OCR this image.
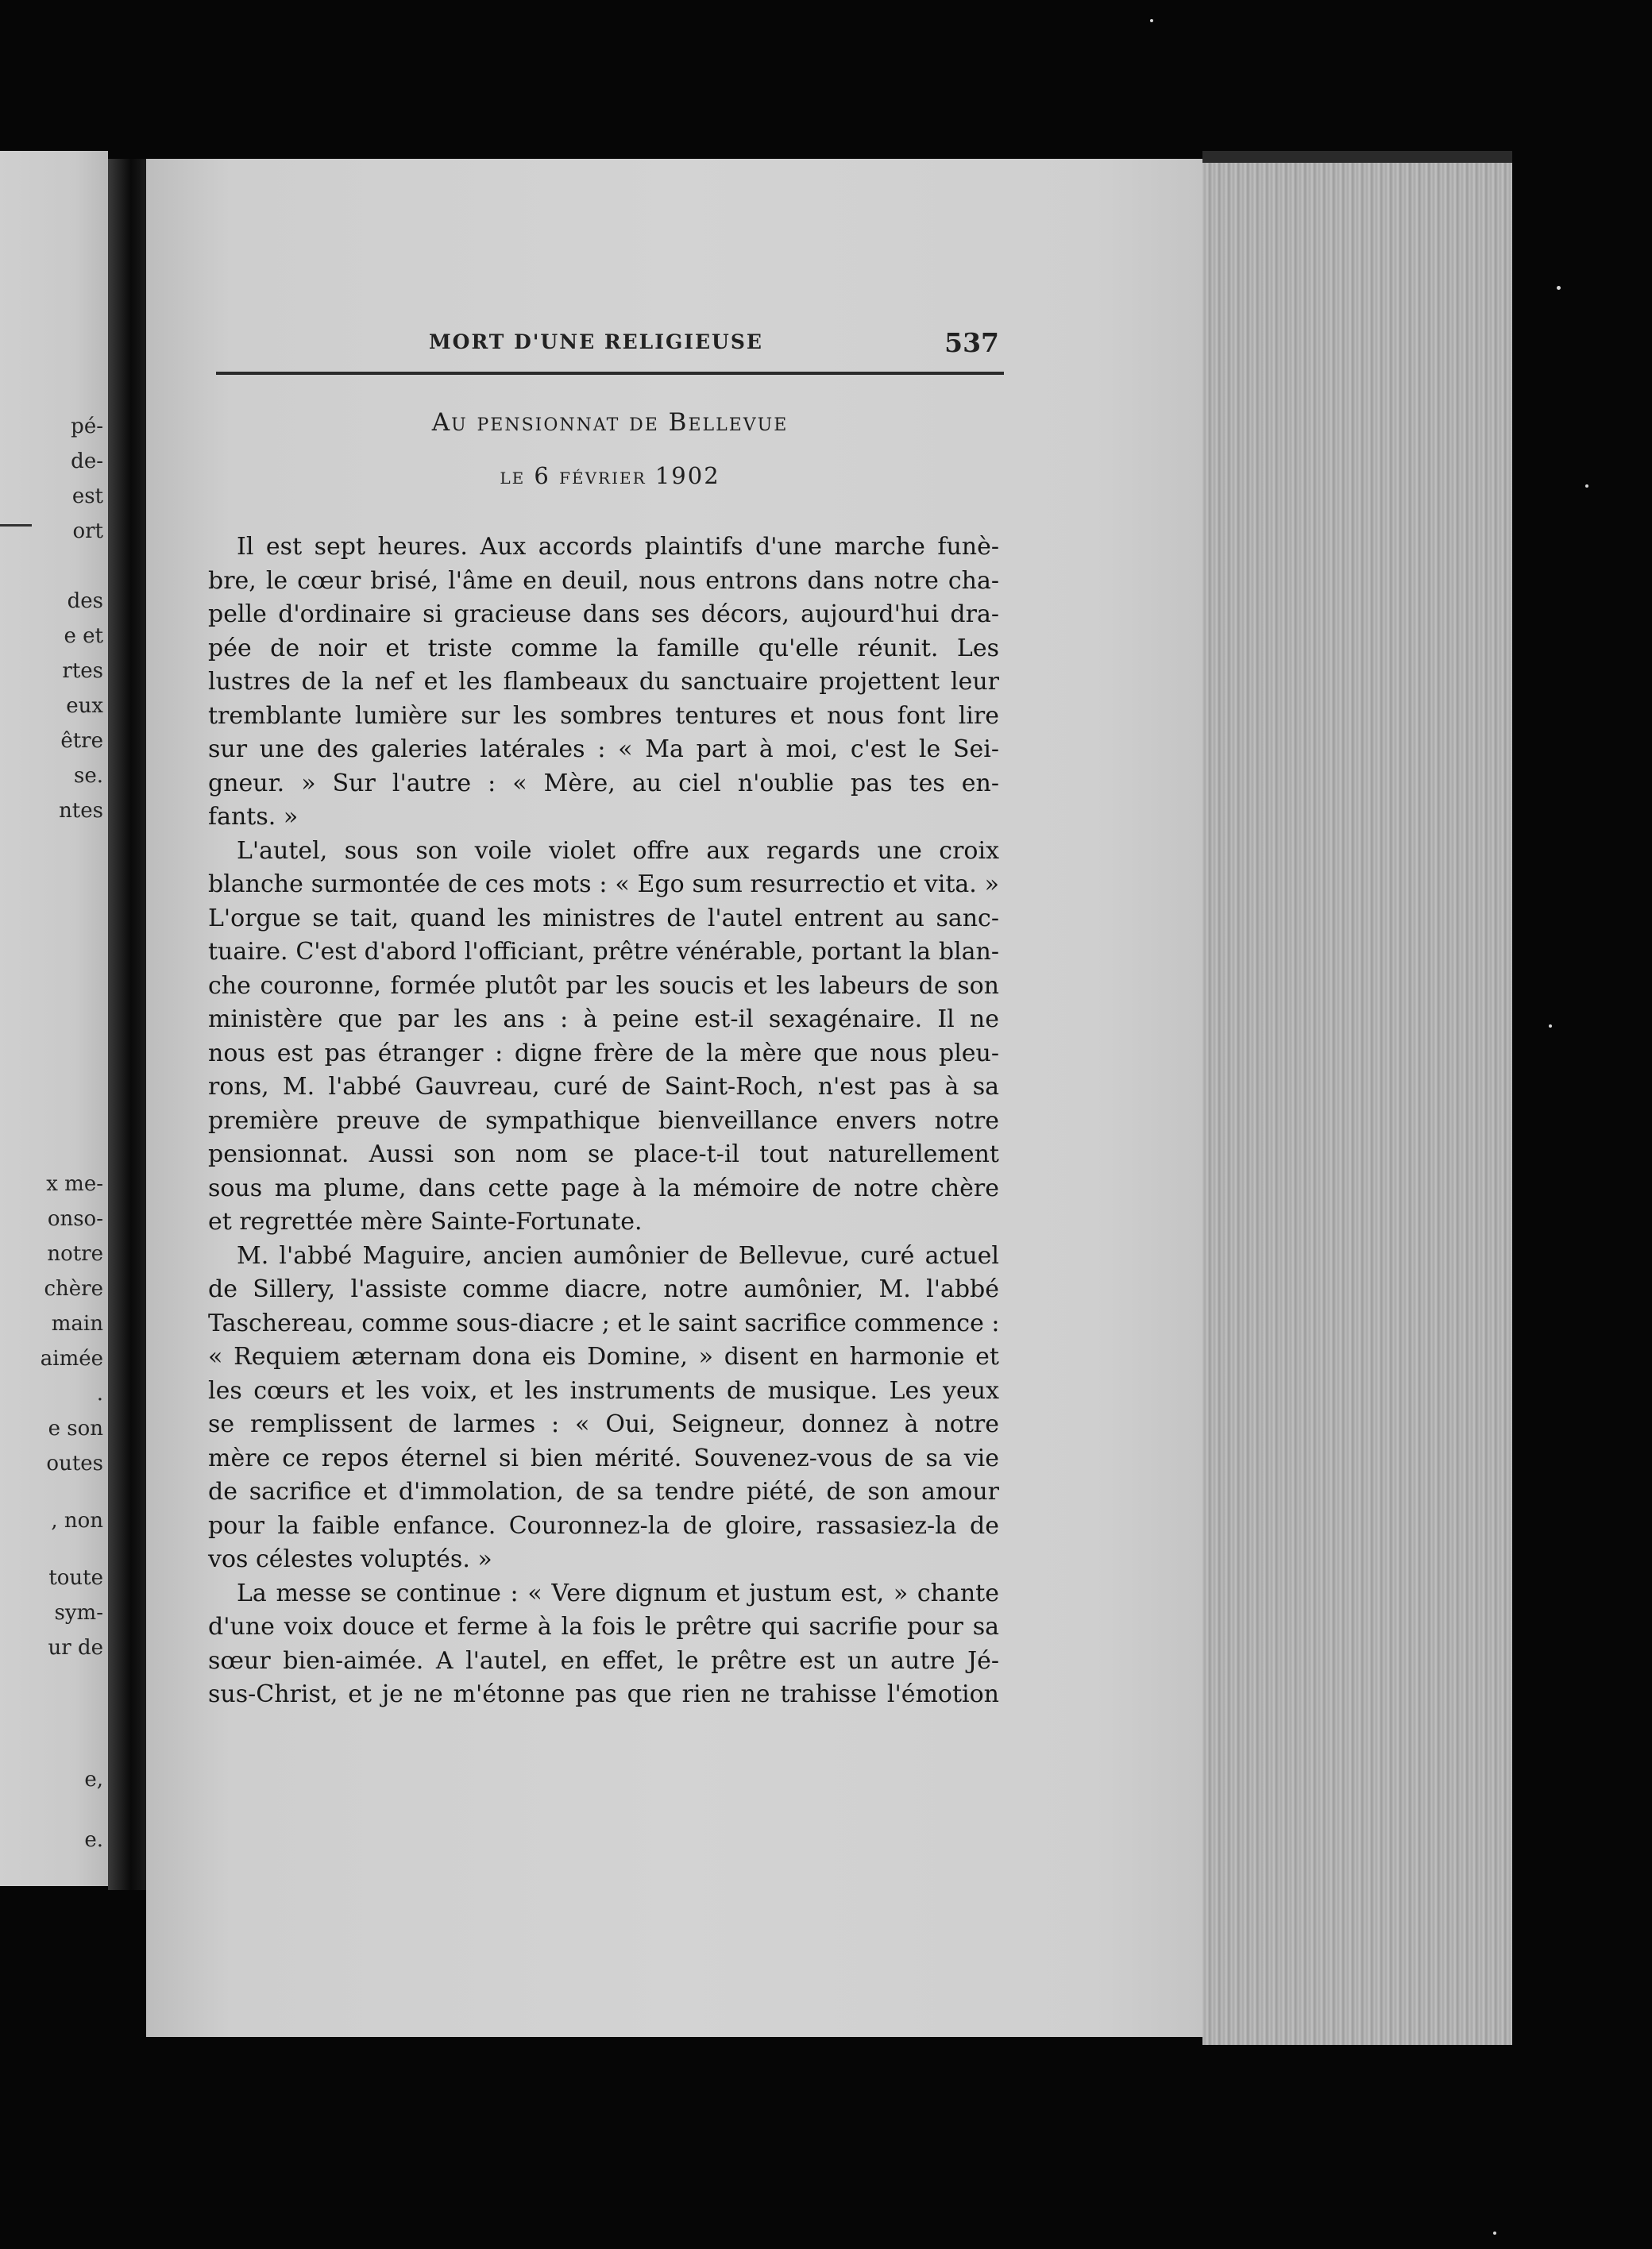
pé-

de-

est

ort

des

e et

rtes

eux

être

se.

ntes

x me-

onso-

notre

chère

main

aimée

.

e son

outes

, non

toute

sym-

ur de

e,

e.

MORT D'UNE RELIGIEUSE	537

Au pensionnat de Bellevue

le 6 février 1902

Il est sept heures. Aux accords plaintifs d'une marche funè-

bre, le cœur brisé, l'âme en deuil, nous entrons dans notre cha-

pelle d'ordinaire si gracieuse dans ses décors, aujourd'hui dra-

pée de noir et triste comme la famille qu'elle réunit. Les

lustres de la nef et les flambeaux du sanctuaire projettent leur

tremblante lumière sur les sombres tentures et nous font lire

sur une des galeries latérales : « Ma part à moi, c'est le Sei-

gneur. » Sur l'autre : « Mère, au ciel n'oublie pas tes en-

fants. »

L'autel, sous son voile violet offre aux regards une croix

blanche surmontée de ces mots : « Ego sum resurrectio et vita. »

L'orgue se tait, quand les ministres de l'autel entrent au sanc-

tuaire. C'est d'abord l'officiant, prêtre vénérable, portant la blan-

che couronne, formée plutôt par les soucis et les labeurs de son

ministère que par les ans : à peine est-il sexagénaire. Il ne

nous est pas étranger : digne frère de la mère que nous pleu-

rons, M. l'abbé Gauvreau, curé de Saint-Roch, n'est pas à sa

première preuve de sympathique bienveillance envers notre

pensionnat. Aussi son nom se place-t-il tout naturellement

sous ma plume, dans cette page à la mémoire de notre chère

et regrettée mère Sainte-Fortunate.

M. l'abbé Maguire, ancien aumônier de Bellevue, curé actuel

de Sillery, l'assiste comme diacre, notre aumônier, M. l'abbé

Taschereau, comme sous-diacre ; et le saint sacrifice commence :

« Requiem æternam dona eis Domine, » disent en harmonie et

les cœurs et les voix, et les instruments de musique. Les yeux

se remplissent de larmes : « Oui, Seigneur, donnez à notre

mère ce repos éternel si bien mérité. Souvenez-vous de sa vie

de sacrifice et d'immolation, de sa tendre piété, de son amour

pour la faible enfance. Couronnez-la de gloire, rassasiez-la de

vos célestes voluptés. »

La messe se continue : « Vere dignum et justum est, » chante

d'une voix douce et ferme à la fois le prêtre qui sacrifie pour sa

sœur bien-aimée. A l'autel, en effet, le prêtre est un autre Jé-

sus-Christ, et je ne m'étonne pas que rien ne trahisse l'émotion
